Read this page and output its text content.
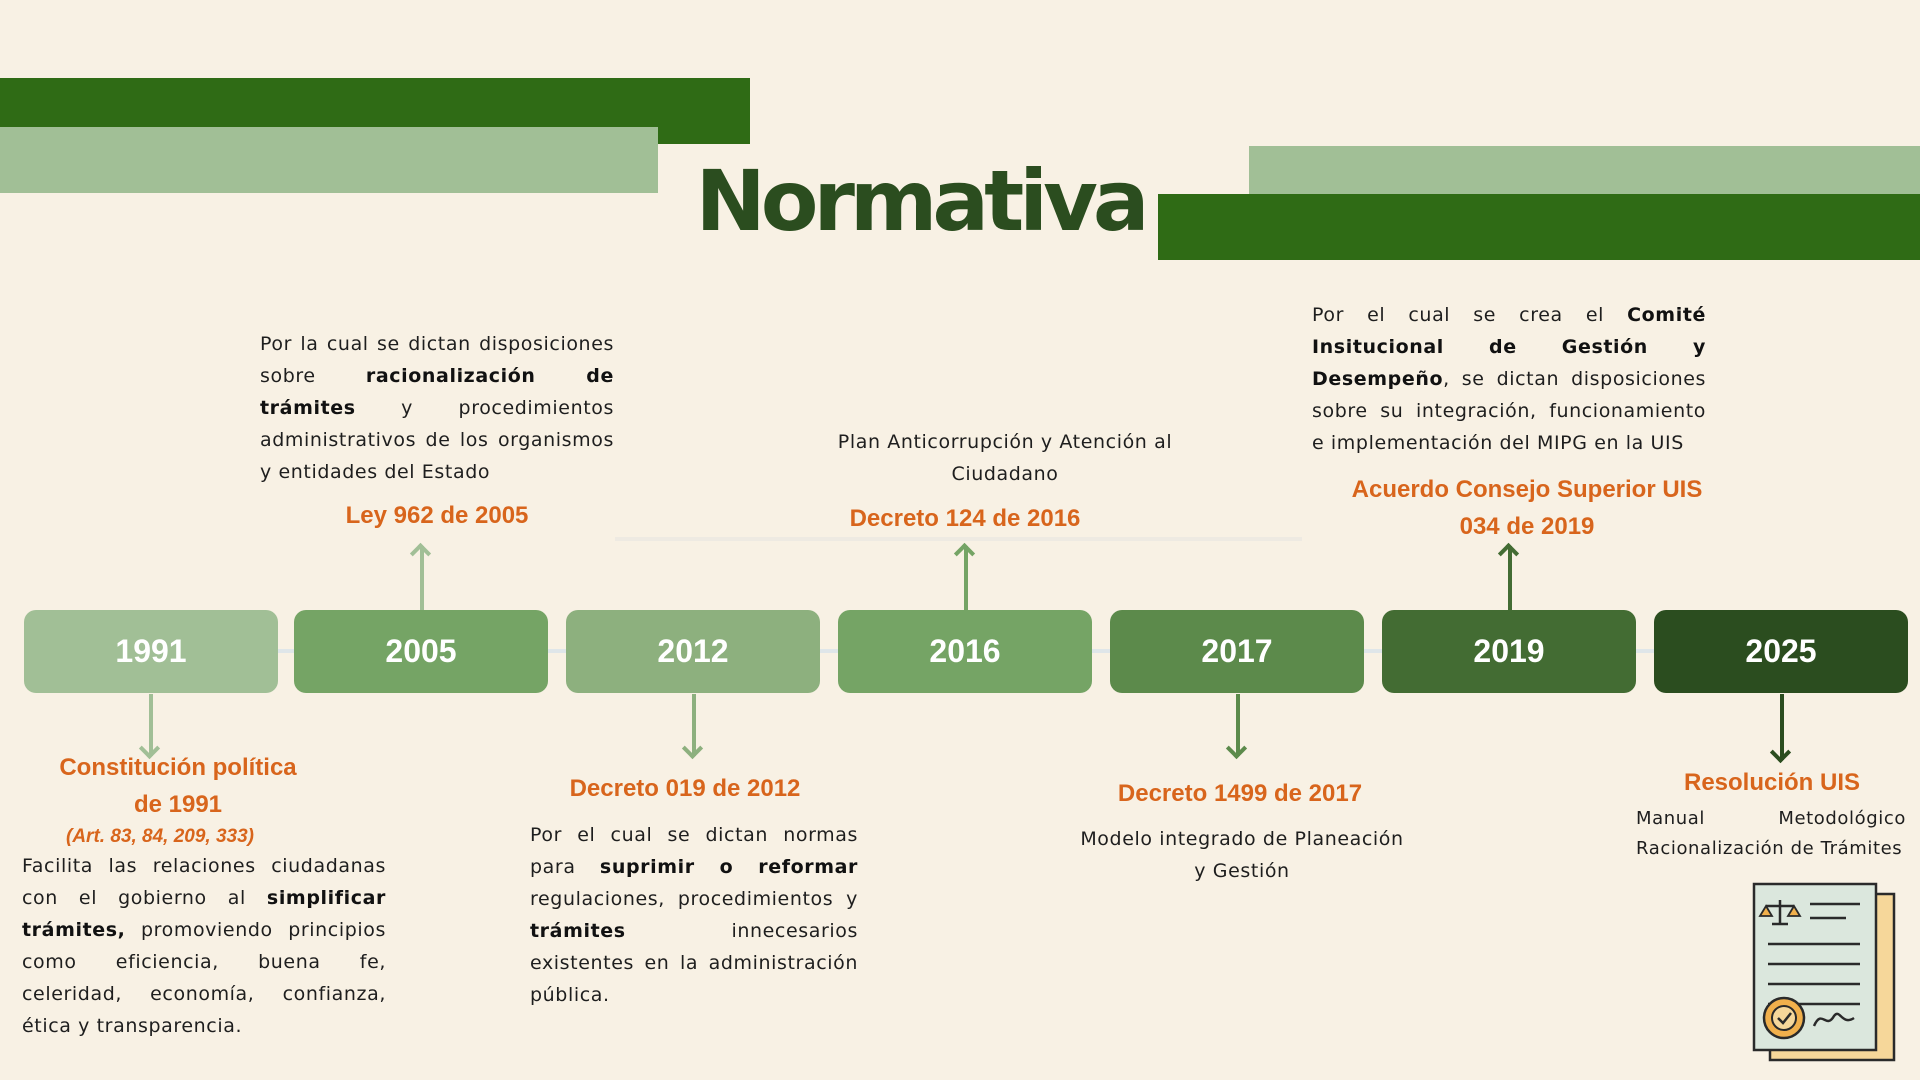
Normativa
1991	2005	2012	2016	2017	2019	2025
Constitución política
de 1991
(Art. 83, 84, 209, 333)
Facilita las relaciones ciudadanas con el gobierno al simplificar trámites, promoviendo principios como eficiencia, buena fe, celeridad, economía, confianza, ética y transparencia.
Por la cual se dictan disposiciones sobre racionalización de trámites y procedimientos administrativos de los organismos y entidades del Estado
Ley 962 de 2005
Decreto 019 de 2012
Por el cual se dictan normas para suprimir o reformar regulaciones, procedimientos y trámites innecesarios existentes en la administración pública.
Plan Anticorrupción y Atención al Ciudadano
Decreto 124 de 2016
Decreto 1499 de 2017
Modelo integrado de Planeación y Gestión
Por el cual se crea el Comité Insitucional de Gestión y Desempeño, se dictan disposiciones sobre su integración, funcionamiento e implementación del MIPG en la UIS
Acuerdo Consejo Superior UIS
034 de 2019
Resolución UIS
Manual Metodológico Racionalización de Trámites
